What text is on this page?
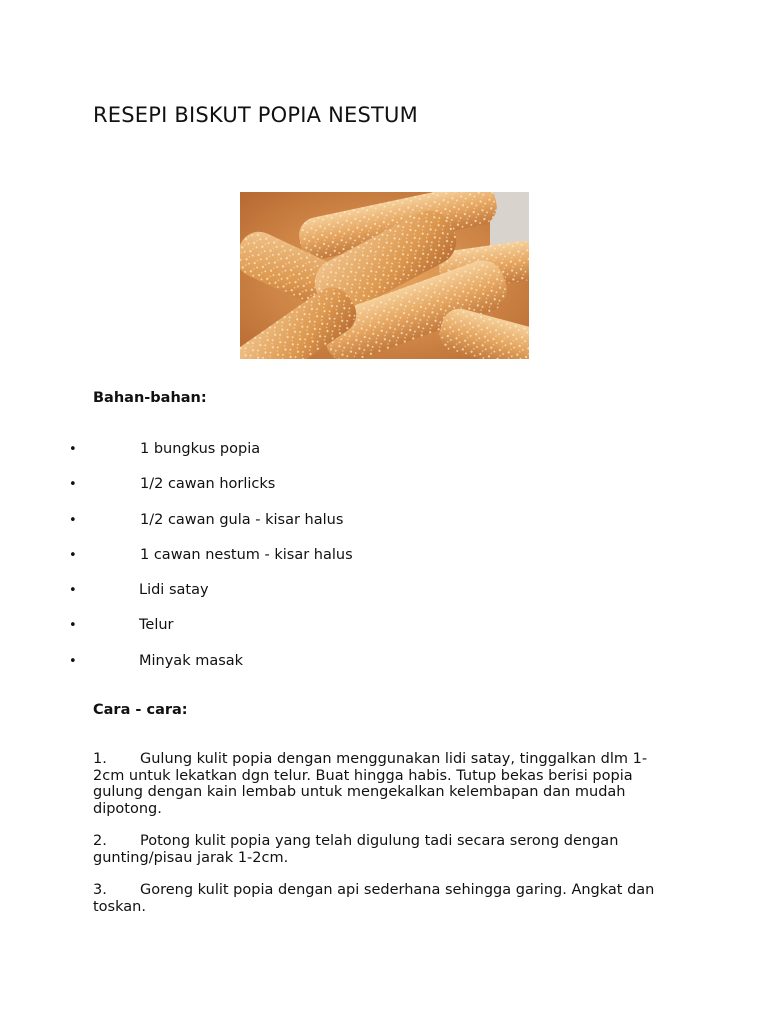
RESEPI BISKUT POPIA NESTUM
Bahan-bahan:
•	1 bungkus popia
•	1/2 cawan horlicks
•	1/2 cawan gula - kisar halus
•	1 cawan nestum - kisar halus
•	Lidi satay
•	Telur
•	Minyak masak
Cara - cara:
1. Gulung kulit popia dengan menggunakan lidi satay, tinggalkan dlm 1-2cm untuk lekatkan dgn telur. Buat hingga habis. Tutup bekas berisi popia gulung dengan kain lembab untuk mengekalkan kelembapan dan mudah dipotong.
2. Potong kulit popia yang telah digulung tadi secara serong dengan gunting/pisau jarak 1-2cm.
3. Goreng kulit popia dengan api sederhana sehingga garing. Angkat dan toskan.
